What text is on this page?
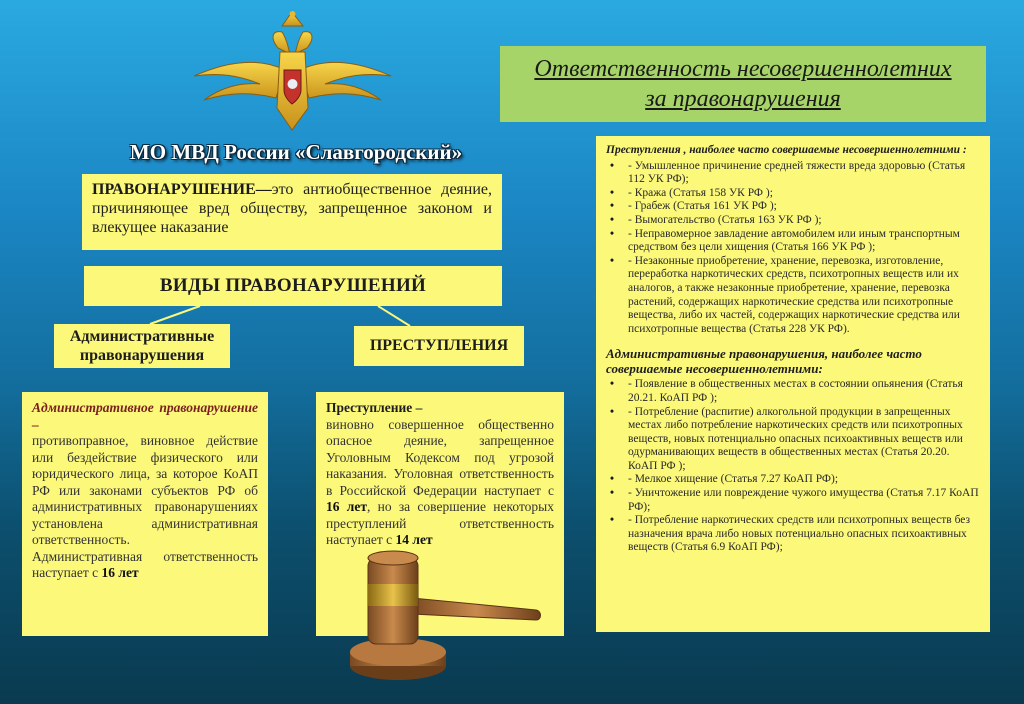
МО МВД России «Славгородский»
ПРАВОНАРУШЕНИЕ—это антиобщественное деяние, причиняющее вред обществу, запрещенное законом и влекущее наказание
ВИДЫ ПРАВОНАРУШЕНИЙ
Административные правонарушения
ПРЕСТУПЛЕНИЯ
Административное правонарушение –
противоправное, виновное действие или бездействие физического или юридического лица, за которое КоАП РФ или законами субъектов РФ об административных правонарушениях установлена административная ответственность.
Административная ответственность наступает с 16 лет
Преступление –
виновно совершенное общественно опасное деяние, запрещенное Уголовным Кодексом под угрозой наказания. Уголовная ответственность в Российской Федерации наступает с 16 лет, но за совершение некоторых преступлений ответственность наступает с 14 лет
Ответственность несовершеннолетних
за правонарушения
Преступления , наиболее часто совершаемые несовершеннолетними :
• - Умышленное причинение средней тяжести вреда здоровью (Статья 112 УК РФ);
• - Кража (Статья 158 УК РФ );
• - Грабеж (Статья 161 УК РФ );
• - Вымогательство (Статья 163 УК РФ );
• - Неправомерное завладение автомобилем или иным транспортным средством без цели хищения (Статья 166 УК РФ );
• - Незаконные приобретение, хранение, перевозка, изготовление, переработка наркотических средств, психотропных веществ или их аналогов, а также незаконные приобретение, хранение, перевозка растений, содержащих наркотические средства или психотропные вещества, либо их частей, содержащих наркотические средства или психотропные вещества (Статья 228 УК РФ).
Административные правонарушения, наиболее часто совершаемые несовершеннолетними:
• - Появление в общественных местах в состоянии опьянения (Статья 20.21. КоАП РФ );
• - Потребление (распитие) алкогольной продукции в запрещенных местах либо потребление наркотических средств или психотропных веществ, новых потенциально опасных психоактивных веществ или одурманивающих веществ в общественных местах (Статья 20.20. КоАП РФ );
• - Мелкое хищение (Статья 7.27 КоАП РФ);
• - Уничтожение или повреждение чужого имущества (Статья 7.17 КоАП РФ);
• - Потребление наркотических средств или психотропных веществ без назначения врача либо новых потенциально опасных психоактивных веществ (Статья 6.9 КоАП РФ);
